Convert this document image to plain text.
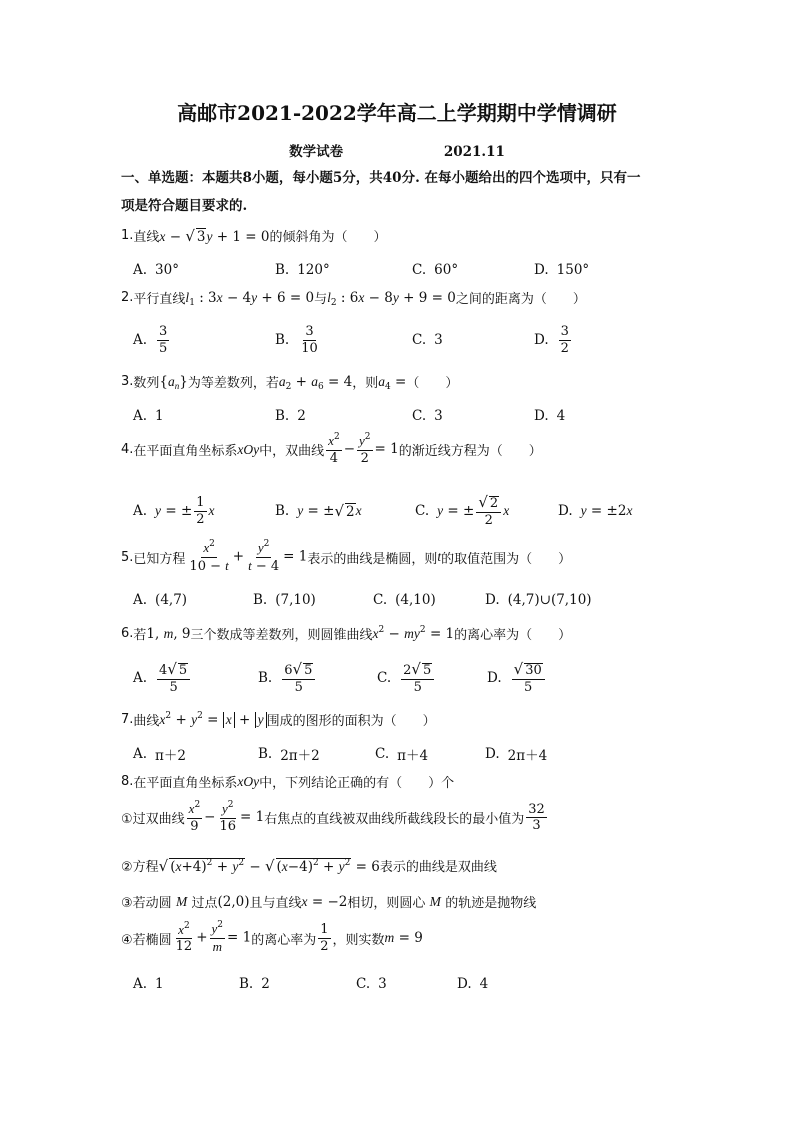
高邮市2021-2022学年高二上学期期中学情调研
数学试卷	2021.11
一、单选题：本题共8小题，每小题5分，共40分. 在每小题给出的四个选项中，只有一
项是符合题目要求的.
1. 直线 x − √ 3y + 1 = 0 的倾斜角为（　　）
A. 30°	B. 120°	C. 60°	D. 150°
2. 平行直线 $l_1$ : 3x − 4y + 6 = 0 与 $l_2$ : 6x − 8y + 9 = 0 之间的距离为（　　）
A. $\frac{3}{5}$	B. $\frac{3}{10}$	C. 3	D. $\frac{3}{2}$
3. 数列 $\{a_n\}$ 为等差数列，若 $a_2 + a_6 = 4$ ，则 $a_4$ = （　　）
A. 1	B. 2	C. 3	D. 4
4. 在平面直角坐标系 xOy 中，双曲线 $\frac{x^2}{4} - \frac{y^2}{2} = 1$ 的渐近线方程为（　　）
A. y = ± $\frac{1}{2}$ x	B. y = ± √ 2 x	C. y = ± $\frac{√ 2}{2}$ x	D. y = ±2 x
5. 已知方程 $\frac{x^2}{10 - t} + \frac{y^2}{t - 4} = 1$ 表示的曲线是椭圆，则 t 的取值范围为（　　）
A. (4,7)	B. (7,10)	C. (4,10)	D. (4,7)∪(7,10)
6. 若 1, m, 9 三个数成等差数列，则圆锥曲线 $x^2 - my^2 = 1$ 的离心率为（　　）
A. $\frac{4√ 5}{5}$	B. $\frac{6√ 5}{5}$	C. $\frac{2√ 5}{5}$	D. $\frac{√ 30}{5}$
7. 曲线 $x^2 + y^2 = x + y$ 围成的图形的面积为（　　）
A. π＋2	B. 2π＋2	C. π＋4	D. 2π＋4
8. 在平面直角坐标系 xOy 中，下列结论正确的有（　　）个
①过双曲线 $\frac{x^2}{9} - \frac{y^2}{16} = 1$ 右焦点的直线被双曲线所截线段长的最小值为 $\frac{32}{3}$
②方程 √ $(x+4)^2 + y^2$ − √ $(x-4)^2 + y^2 = 6$ 表示的曲线是双曲线
③若动圆 M 过点 (2,0) 且与直线 x = −2 相切，则圆心 M 的轨迹是抛物线
④若椭圆 $\frac{x^2}{12} + \frac{y^2}{m} = 1$ 的离心率为 $\frac{1}{2}$ ，则实数 m = 9
A. 1	B. 2	C. 3	D. 4
